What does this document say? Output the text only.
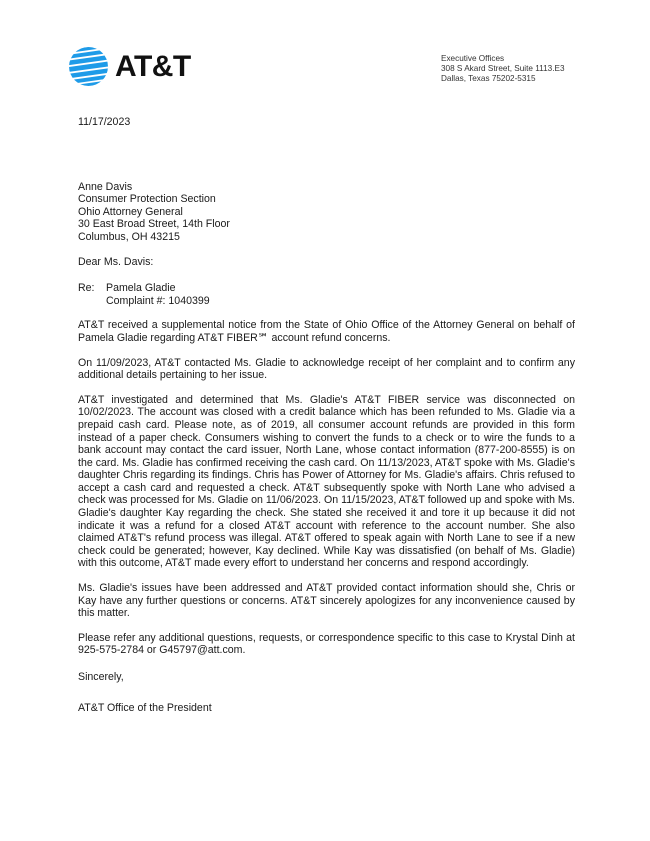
AT&T	Executive Offices
308 S Akard Street, Suite 1113.E3
Dallas, Texas 75202-5315
11/17/2023
Anne Davis
Consumer Protection Section
Ohio Attorney General
30 East Broad Street, 14th Floor
Columbus, OH 43215
Dear Ms. Davis:
Re:	Pamela Gladie
Complaint #: 1040399

AT&T received a supplemental notice from the State of Ohio Office of the Attorney General on behalf of Pamela Gladie regarding AT&T FIBER℠ account refund concerns.

On 11/09/2023, AT&T contacted Ms. Gladie to acknowledge receipt of her complaint and to confirm any additional details pertaining to her issue.

AT&T investigated and determined that Ms. Gladie's AT&T FIBER service was disconnected on 10/02/2023. The account was closed with a credit balance which has been refunded to Ms. Gladie via a prepaid cash card. Please note, as of 2019, all consumer account refunds are provided in this form instead of a paper check. Consumers wishing to convert the funds to a check or to wire the funds to a bank account may contact the card issuer, North Lane, whose contact information (877-200-8555) is on the card. Ms. Gladie has confirmed receiving the cash card. On 11/13/2023, AT&T spoke with Ms. Gladie's daughter Chris regarding its findings. Chris has Power of Attorney for Ms. Gladie's affairs. Chris refused to accept a cash card and requested a check. AT&T subsequently spoke with North Lane who advised a check was processed for Ms. Gladie on 11/06/2023. On 11/15/2023, AT&T followed up and spoke with Ms. Gladie's daughter Kay regarding the check. She stated she received it and tore it up because it did not indicate it was a refund for a closed AT&T account with reference to the account number. She also claimed AT&T's refund process was illegal. AT&T offered to speak again with North Lane to see if a new check could be generated; however, Kay declined. While Kay was dissatisfied (on behalf of Ms. Gladie) with this outcome, AT&T made every effort to understand her concerns and respond accordingly.

Ms. Gladie's issues have been addressed and AT&T provided contact information should she, Chris or Kay have any further questions or concerns. AT&T sincerely apologizes for any inconvenience caused by this matter.

Please refer any additional questions, requests, or correspondence specific to this case to Krystal Dinh at 925-575-2784 or G45797@att.com.

Sincerely,
AT&T Office of the President
